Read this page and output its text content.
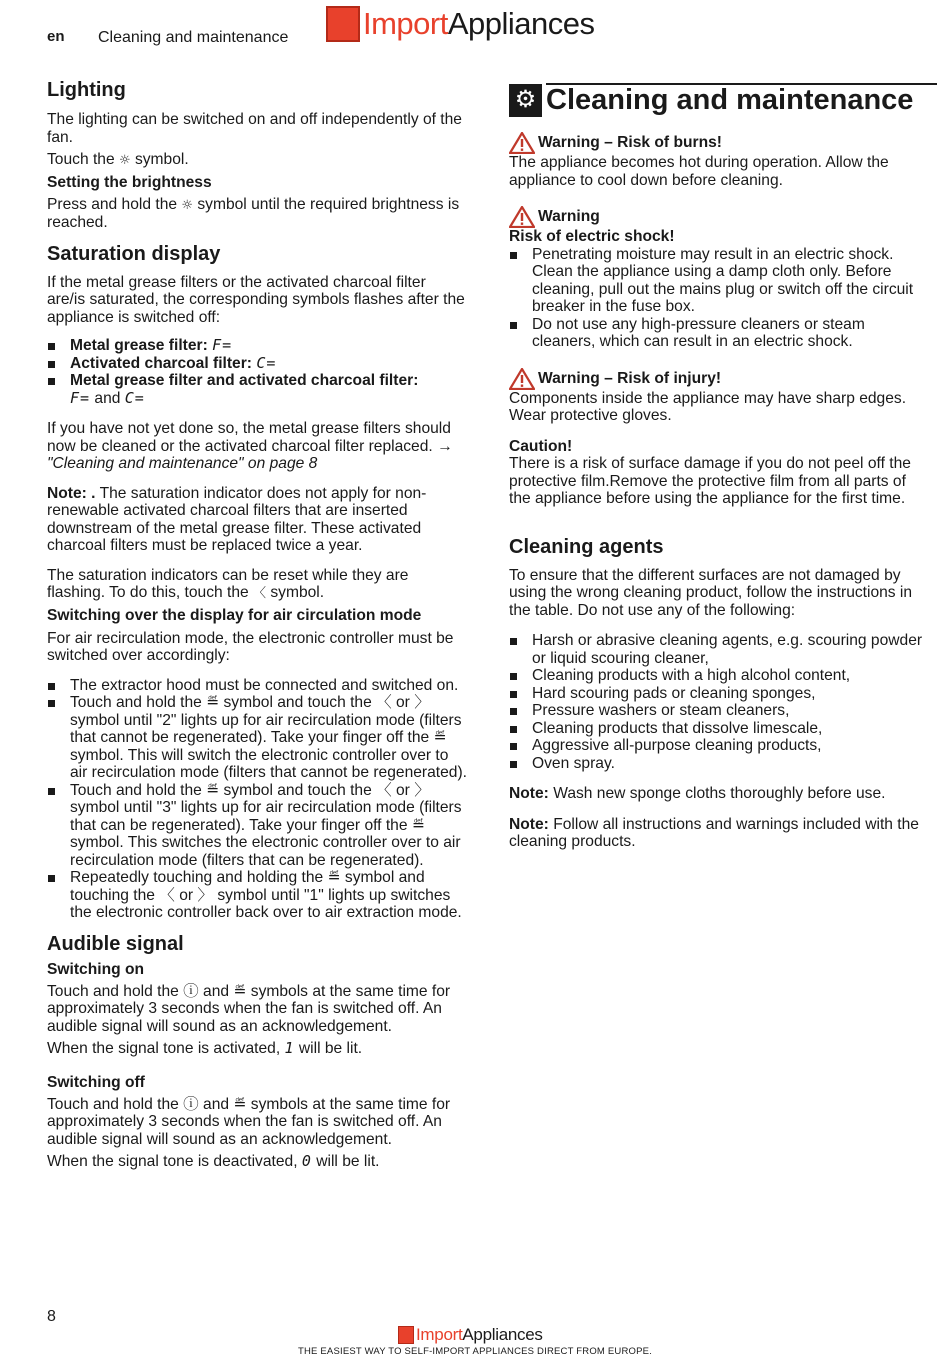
en Cleaning and maintenance Import Appliances
Lighting

The lighting can be switched on and off independently of the fan.

Touch the ☼ symbol.

Setting the brightness

Press and hold the ☼ symbol until the required brightness is reached.

Saturation display

If the metal grease filters or the activated charcoal filter are/is saturated, the corresponding symbols flashes after the appliance is switched off:

Metal grease filter: F=
Activated charcoal filter: C=
Metal grease filter and activated charcoal filter:
F= and C=

If you have not yet done so, the metal grease filters should now be cleaned or the activated charcoal filter replaced. → "Cleaning and maintenance" on page 8

Note: . The saturation indicator does not apply for non-renewable activated charcoal filters that are inserted downstream of the metal grease filter. These activated charcoal filters must be replaced twice a year.

The saturation indicators can be reset while they are flashing. To do this, touch the 〈 symbol.

Switching over the display for air circulation mode

For air recirculation mode, the electronic controller must be switched over accordingly:

The extractor hood must be connected and switched on.
Touch and hold the ≝ symbol and touch the 〈 or 〉 symbol until "2" lights up for air recirculation mode (filters that cannot be regenerated). Take your finger off the ≝ symbol. This will switch the electronic controller over to air recirculation mode (filters that cannot be regenerated).
Touch and hold the ≝ symbol and touch the 〈 or 〉 symbol until "3" lights up for air recirculation mode (filters that can be regenerated). Take your finger off the ≝ symbol. This switches the electronic controller over to air recirculation mode (filters that can be regenerated).
Repeatedly touching and holding the ≝ symbol and touching the 〈 or 〉 symbol until "1" lights up switches the electronic controller back over to air extraction mode.
Audible signal
Switching on

Touch and hold the ⓘ and ≝ symbols at the same time for approximately 3 seconds when the fan is switched off. An audible signal will sound as an acknowledgement.

When the signal tone is activated, 1 will be lit.

Switching off

Touch and hold the ⓘ and ≝ symbols at the same time for approximately 3 seconds when the fan is switched off. An audible signal will sound as an acknowledgement.

When the signal tone is deactivated, 0 will be lit.

⚙ Cleaning and maintenance
Warning – Risk of burns!

The appliance becomes hot during operation. Allow the appliance to cool down before cleaning.

Warning

Risk of electric shock!

Penetrating moisture may result in an electric shock. Clean the appliance using a damp cloth only. Before cleaning, pull out the mains plug or switch off the circuit breaker in the fuse box.
Do not use any high-pressure cleaners or steam cleaners, which can result in an electric shock.
Warning – Risk of injury!

Components inside the appliance may have sharp edges. Wear protective gloves.

Caution!

There is a risk of surface damage if you do not peel off the protective film.Remove the protective film from all parts of the appliance before using the appliance for the first time.

Cleaning agents

To ensure that the different surfaces are not damaged by using the wrong cleaning product, follow the instructions in the table. Do not use any of the following:

Harsh or abrasive cleaning agents, e.g. scouring powder or liquid scouring cleaner,
Cleaning products with a high alcohol content,
Hard scouring pads or cleaning sponges,
Pressure washers or steam cleaners,
Cleaning products that dissolve limescale,
Aggressive all-purpose cleaning products,
Oven spray.

Note: Wash new sponge cloths thoroughly before use.

Note: Follow all instructions and warnings included with the cleaning products.

8
Import Appliances
THE EASIEST WAY TO SELF-IMPORT APPLIANCES DIRECT FROM EUROPE.
